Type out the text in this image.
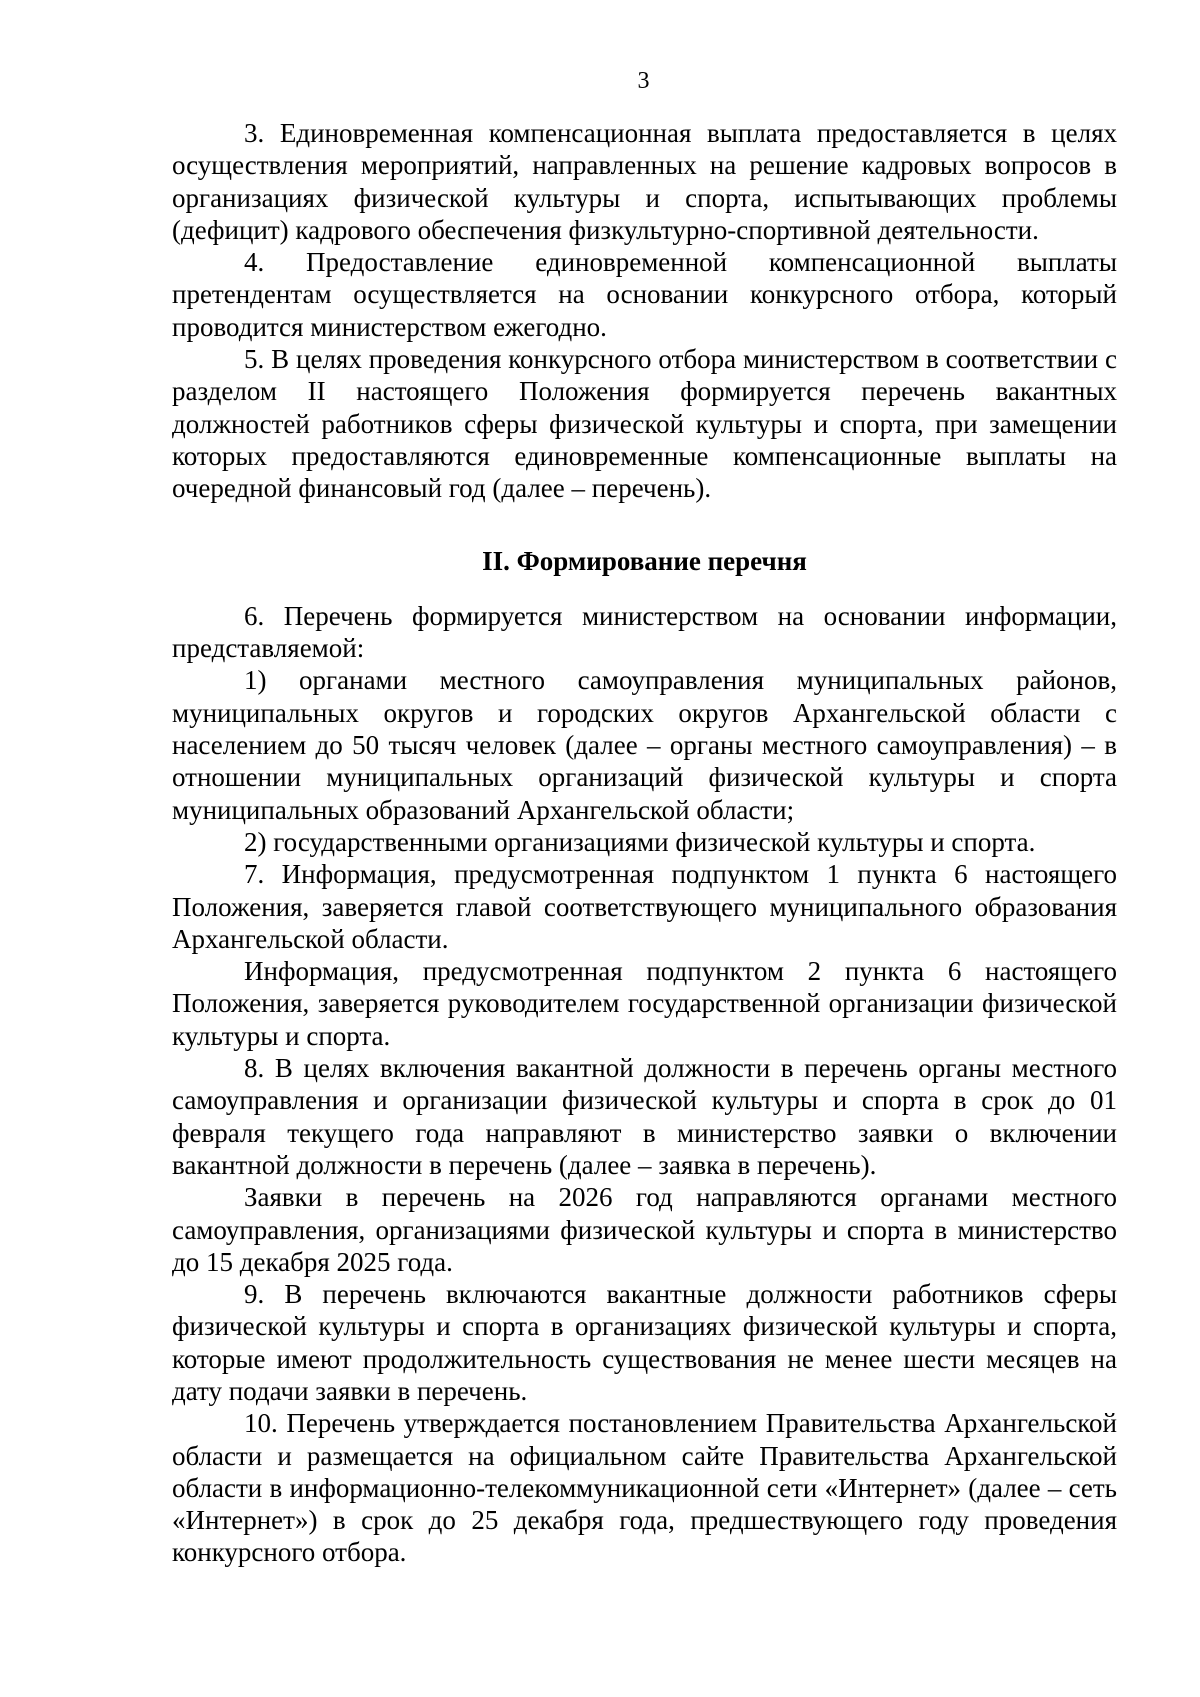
3

3. Единовременная компенсационная выплата предоставляется в целях осуществления мероприятий, направленных на решение кадровых вопросов в организациях физической культуры и спорта, испытывающих проблемы (дефицит) кадрового обеспечения физкультурно-спортивной деятельности.

4. Предоставление единовременной компенсационной выплаты претендентам осуществляется на основании конкурсного отбора, который проводится министерством ежегодно.

5. В целях проведения конкурсного отбора министерством в соответствии с разделом II настоящего Положения формируется перечень вакантных должностей работников сферы физической культуры и спорта, при замещении которых предоставляются единовременные компенсационные выплаты на очередной финансовый год (далее – перечень).

II. Формирование перечня

6. Перечень формируется министерством на основании информации, представляемой:

1) органами местного самоуправления муниципальных районов, муниципальных округов и городских округов Архангельской области с населением до 50 тысяч человек (далее – органы местного самоуправления) – в отношении муниципальных организаций физической культуры и спорта муниципальных образований Архангельской области;

2) государственными организациями физической культуры и спорта.

7. Информация, предусмотренная подпунктом 1 пункта 6 настоящего Положения, заверяется главой соответствующего муниципального образования Архангельской области.

Информация, предусмотренная подпунктом 2 пункта 6 настоящего Положения, заверяется руководителем государственной организации физической культуры и спорта.

8. В целях включения вакантной должности в перечень органы местного самоуправления и организации физической культуры и спорта в срок до 01 февраля текущего года направляют в министерство заявки о включении вакантной должности в перечень (далее – заявка в перечень).

Заявки в перечень на 2026 год направляются органами местного самоуправления, организациями физической культуры и спорта в министерство до 15 декабря 2025 года.

9. В перечень включаются вакантные должности работников сферы физической культуры и спорта в организациях физической культуры и спорта, которые имеют продолжительность существования не менее шести месяцев на дату подачи заявки в перечень.

10. Перечень утверждается постановлением Правительства Архангельской области и размещается на официальном сайте Правительства Архангельской области в информационно-телекоммуникационной сети «Интернет» (далее – сеть «Интернет») в срок до 25 декабря года, предшествующего году проведения конкурсного отбора.
